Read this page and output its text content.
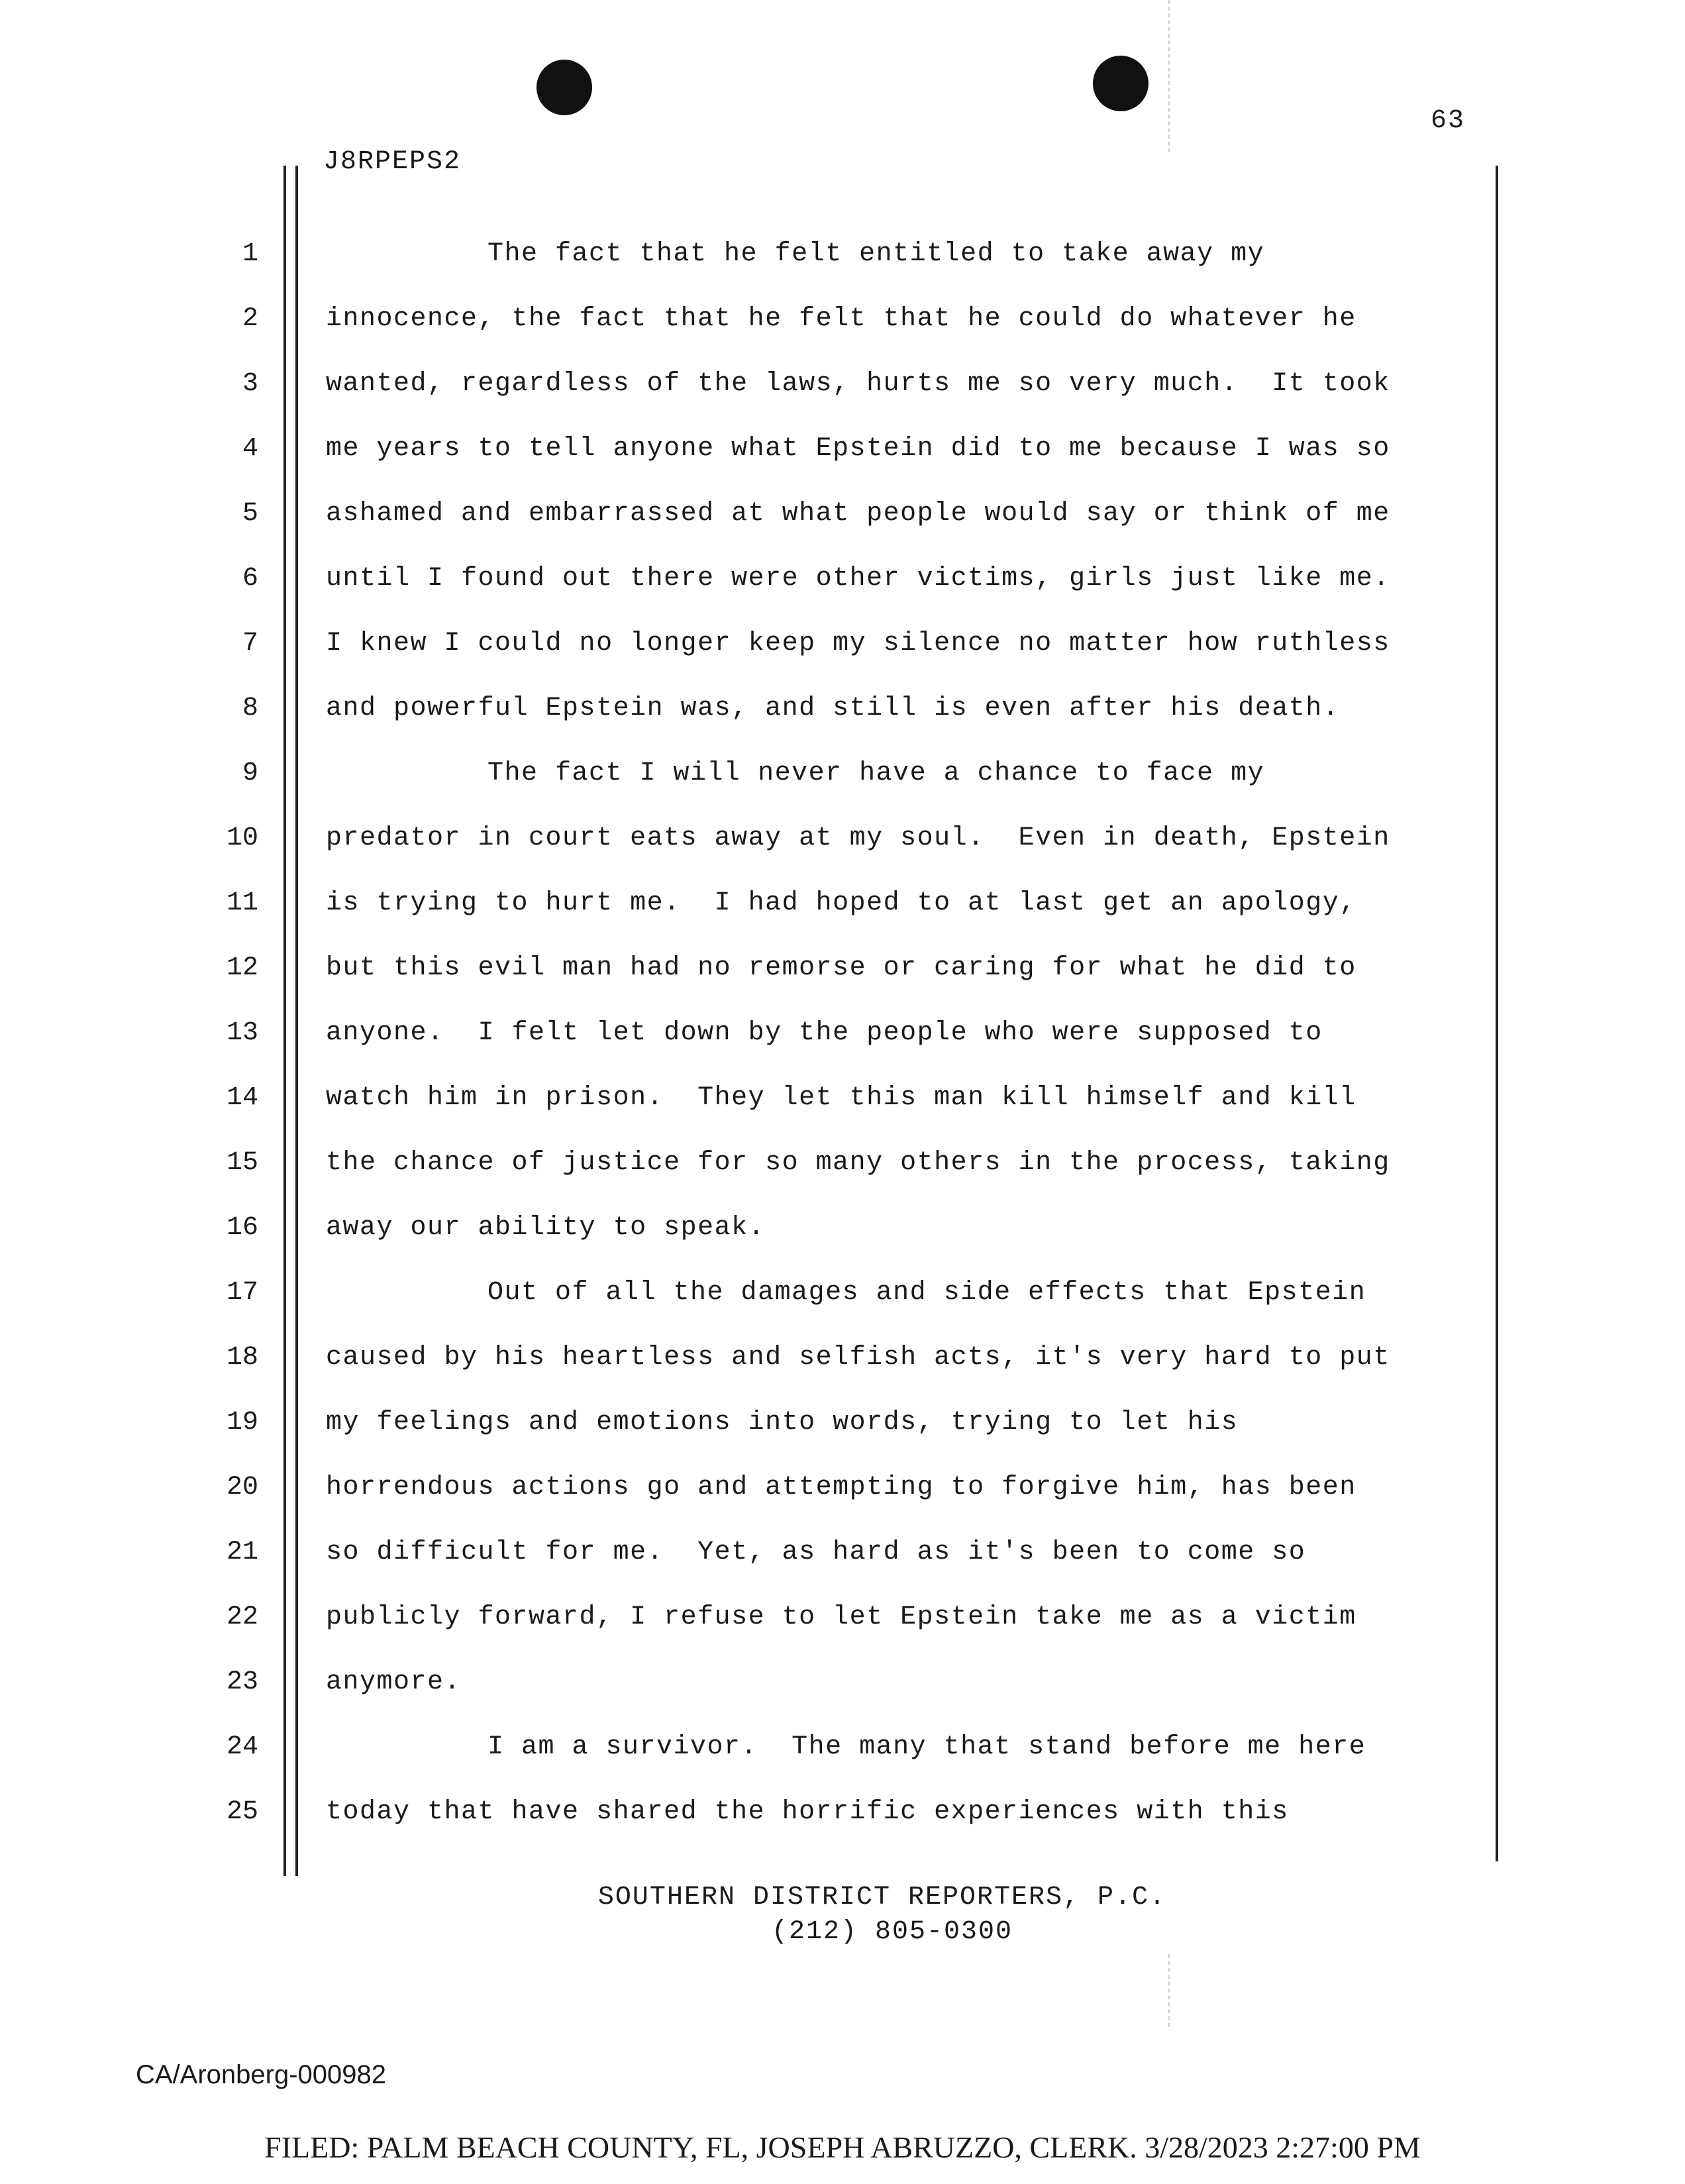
63
J8RPEPS2
1	The fact that he felt entitled to take away my
2	innocence, the fact that he felt that he could do whatever he
3	wanted, regardless of the laws, hurts me so very much.  It took
4	me years to tell anyone what Epstein did to me because I was so
5	ashamed and embarrassed at what people would say or think of me
6	until I found out there were other victims, girls just like me.
7	I knew I could no longer keep my silence no matter how ruthless
8	and powerful Epstein was, and still is even after his death.
9	The fact I will never have a chance to face my
10	predator in court eats away at my soul.  Even in death, Epstein
11	is trying to hurt me.  I had hoped to at last get an apology,
12	but this evil man had no remorse or caring for what he did to
13	anyone.  I felt let down by the people who were supposed to
14	watch him in prison.  They let this man kill himself and kill
15	the chance of justice for so many others in the process, taking
16	away our ability to speak.
17	Out of all the damages and side effects that Epstein
18	caused by his heartless and selfish acts, it's very hard to put
19	my feelings and emotions into words, trying to let his
20	horrendous actions go and attempting to forgive him, has been
21	so difficult for me.  Yet, as hard as it's been to come so
22	publicly forward, I refuse to let Epstein take me as a victim
23	anymore.
24	I am a survivor.  The many that stand before me here
25	today that have shared the horrific experiences with this
SOUTHERN DISTRICT REPORTERS, P.C.
(212) 805-0300
CA/Aronberg-000982
FILED: PALM BEACH COUNTY, FL, JOSEPH ABRUZZO, CLERK. 3/28/2023 2:27:00 PM
